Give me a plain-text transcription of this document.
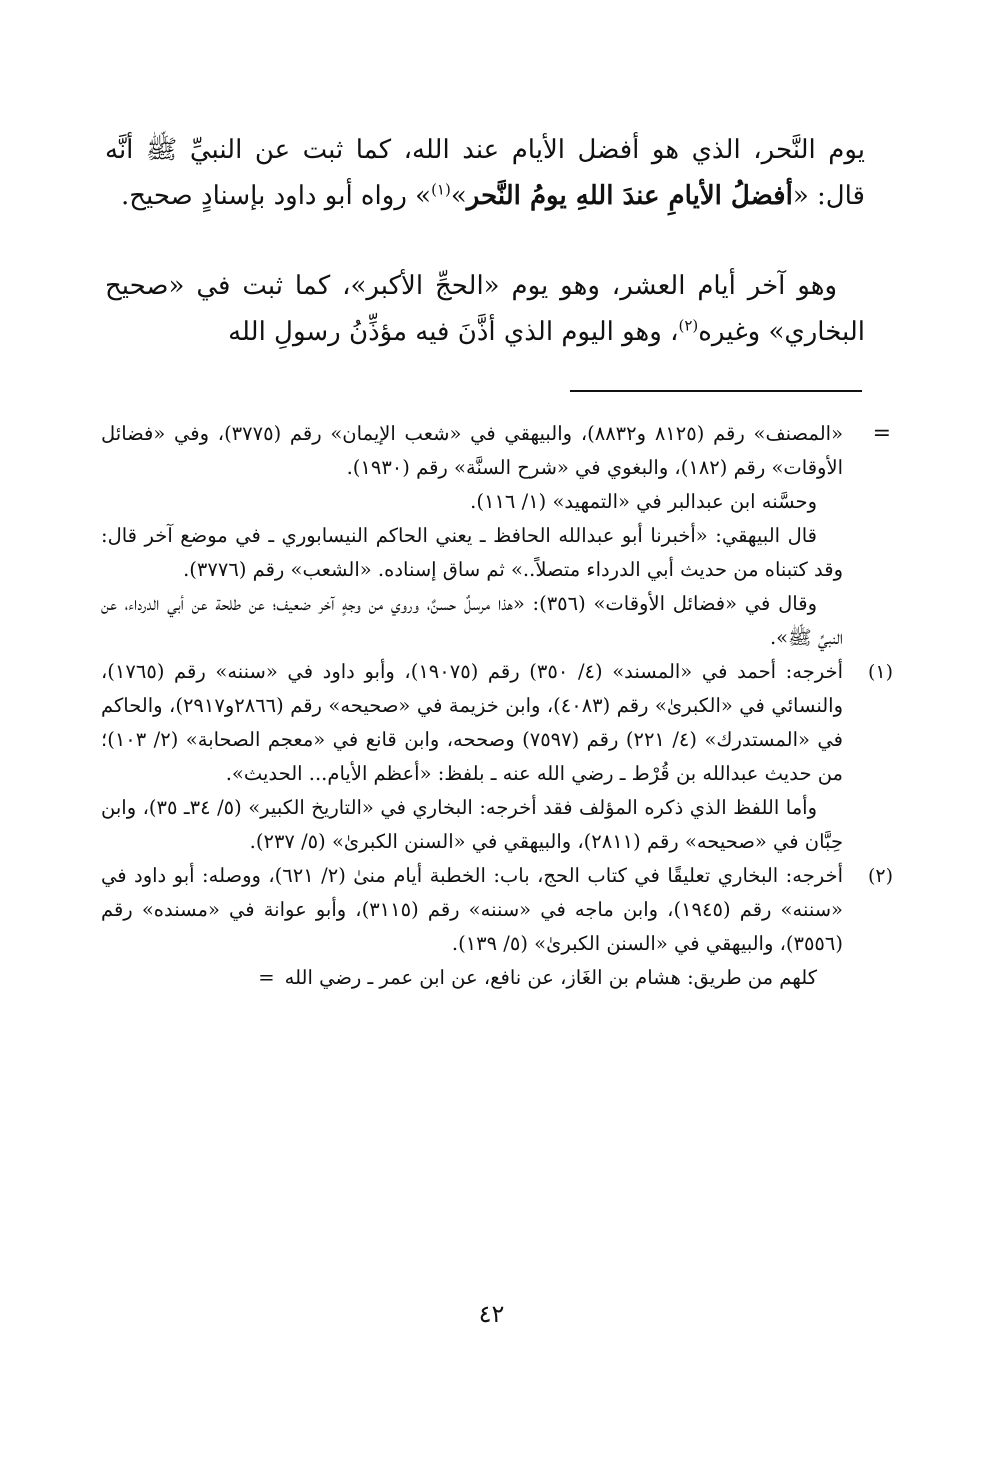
يوم النَّحر، الذي هو أفضل الأيام عند الله، كما ثبت عن النبيِّ ﷺ أنَّه قال: «أفضلُ الأيامِ عندَ اللهِ يومُ النَّحر»$^{(١)}$» رواه أبو داود بإسنادٍ صحيح.

وهو آخر أيام العشر، وهو يوم «الحجِّ الأكبر»، كما ثبت في «صحيح البخاري» وغيره$^{(٢)}$، وهو اليوم الذي أذَّنَ فيه مؤذِّنُ رسولِ الله

=

«المصنف» رقم (٨١٢٥ و٨٨٣٢)، والبيهقي في «شعب الإيمان» رقم (٣٧٧٥)، وفي «فضائل الأوقات» رقم (١٨٢)، والبغوي في «شرح السنَّة» رقم (١٩٣٠).

وحسَّنه ابن عبدالبر في «التمهيد» (١/ ١١٦).

قال البيهقي: «أخبرنا أبو عبدالله الحافظ ـ يعني الحاكم النيسابوري ـ في موضع آخر قال: وقد كتبناه من حديث أبي الدرداء متصلاً..» ثم ساق إسناده. «الشعب» رقم (٣٧٧٦).

وقال في «فضائل الأوقات» (٣٥٦): «هذا مرسلٌ حسنٌ، وروي من وجهٍ آخر ضعيف؛ عن طلحة عن أبي الدرداء، عن النبيِّ ﷺ».

(١)

أخرجه: أحمد في «المسند» (٤/ ٣٥٠) رقم (١٩٠٧٥)، وأبو داود في «سننه» رقم (١٧٦٥)، والنسائي في «الكبرىٰ» رقم (٤٠٨٣)، وابن خزيمة في «صحيحه» رقم (٢٨٦٦و٢٩١٧)، والحاكم في «المستدرك» (٤/ ٢٢١) رقم (٧٥٩٧) وصححه، وابن قانع في «معجم الصحابة» (٢/ ١٠٣)؛ من حديث عبدالله بن قُرْط ـ رضي الله عنه ـ بلفظ: «أعظم الأيام... الحديث».

وأما اللفظ الذي ذكره المؤلف فقد أخرجه: البخاري في «التاريخ الكبير» (٥/ ٣٤ـ ٣٥)، وابن حِبَّان في «صحيحه» رقم (٢٨١١)، والبيهقي في «السنن الكبرىٰ» (٥/ ٢٣٧).

(٢)

أخرجه: البخاري تعليقًا في كتاب الحج، باب: الخطبة أيام منىٰ (٢/ ٦٢١)، ووصله: أبو داود في «سننه» رقم (١٩٤٥)، وابن ماجه في «سننه» رقم (٣١١٥)، وأبو عوانة في «مسنده» رقم (٣٥٥٦)، والبيهقي في «السنن الكبرىٰ» (٥/ ١٣٩).

كلهم من طريق: هشام بن الغَاز، عن نافع، عن ابن عمر ـ رضي الله=

٤٢
